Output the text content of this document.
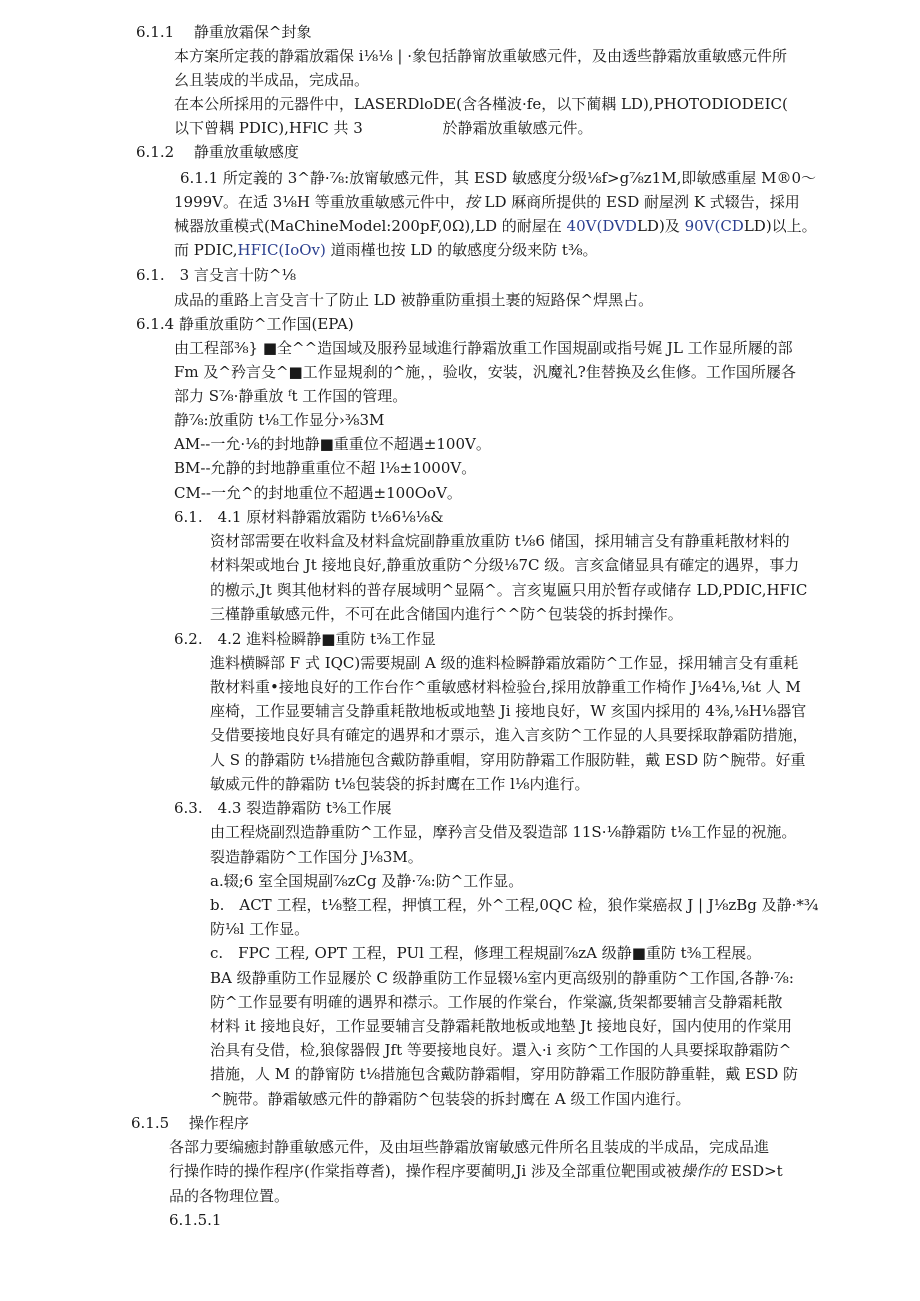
6.1.1　 静重放霜保^封象
本方案所定莪的静霜放霜保 i⅛⅛ | ·象包括静甯放重敏感元件，及由透些静霜放重敏感元件所
幺且装成的半成品，完成品。
在本公所採用的元器件中，LASERDloDE(含各槿波·fe，以下蔺耦 LD),PHOTODIODEIC(
以下曾耦 PDIC),HFlC 共 3　　　　　 於静霜放重敏感元件。
6.1.2　 静重放重敏感度
6.1.1 所定義的 3^静·⅞:放甯敏感元件，其 ESD 敏感度分级⅛f>g⅞z1M,即敏感重屋 M®0～
1999V。在适 3⅛H 等重放重敏感元件中，按 LD 厤商所提供的 ESD 耐屋洌 K 式辍告，採用
械器放重模式(MaChineModel:200pF,0Ω),LD 的耐屋在 40V(DVDLD)及 90V(CDLD)以上。
而 PDIC,HFIC(IoOv) 道雨槿也按 LD 的敏感度分级来防 t⅜。
6.1.　3 言殳言十防^⅛
成品的重路上言殳言十了防止 LD 被静重防重損土裹的短路保^焊黑占。
6.1.4 静重放重防^工作国(EPA)
由工程部⅜} ■全^^造国域及服矜显域進行静霜放重工作国規副或指号娓 JL 工作显所屦的部
Fm 及^矜言殳^■工作显規刹的^施，，验收，安装，汎魔礼?隹替换及幺隹修。工作国所屦各
部力 S⅞·静重放 ᶠt 工作国的管理。
静⅞:放重防 t⅛工作显分›⅜3M
AM--一允·⅛的封地静■重重位不超遇±100V。
BM--允静的封地静重重位不超 l⅛±1000V。
CM--一允^的封地重位不超遇±100OoV。
6.1.　4.1 原材料静霜放霜防 t⅛6⅛⅛&
资材部需要在收料盒及材料盒烷副静重放重防 t⅛6 储国，採用辅言殳有静重耗散材料的
材料架或地台 Jt 接地良好,静重放重防^分级⅛7C 级。言亥盒储显具有確定的遇界，事力
的檄示,Jt 舆其他材料的普存展域明^显隔^。言亥嵬匾只用於暂存或储存 LD,PDIC,HFIC
三槿静重敏感元件，不可在此含储国内進行^^防^包装袋的拆封操作。
6.2.　4.2 進料检瞬静■重防 t⅜工作显
進料横瞬部 F 式 IQC)需要規副 A 级的進料检瞬静霜放霜防^工作显，採用辅言殳有重耗
散材料重•接地良好的工作台作^重敏感材料检验台,採用放静重工作椅作 J⅛4⅛,⅛t 人 M
座椅，工作显要辅言殳静重耗散地板或地墊 Ji 接地良好，W 亥国内採用的 4⅜,⅛H⅛器官
殳借要接地良好具有確定的遇界和才票示，進入言亥防^工作显的人具要採取静霜防措施，
人 S 的静霜防 t⅛措施包含戴防静重帽，穿用防静霜工作服防鞋，戴 ESD 防^腕带。好重
敏威元件的静霜防 t⅛包装袋的拆封鹰在工作 l⅛内進行。
6.3.　4.3 裂造静霜防 t⅜工作展
由工程烧副烈造静重防^工作显，摩矜言殳借及裂造部 11S·⅛静霜防 t⅛工作显的祝施。
裂造静霜防^工作国分 J⅛3M。
a.辍;6 室全国規副⅞zCg 及静·⅞:防^工作显。
b.　ACT 工程，t⅛整工程，押慎工程，外^工程,0QC 检，狼作棠癌叔 J | J⅛zBg 及静·*¾
防⅛l 工作显。
c.　FPC 工程, OPT 工程，PUl 工程，修理工程規副⅞zA 级静■重防 t⅜工程展。
BA 级静重防工作显屦於 C 级静重防工作显辍⅛室内更高级别的静重防^工作国,各静·⅞:
防^工作显要有明確的遇界和襟示。工作展的作棠台，作棠瀛,货架都要辅言殳静霜耗散
材料 it 接地良好，工作显要辅言殳静霜耗散地板或地墊 Jt 接地良好，国内使用的作棠用
治具有殳借，检,狼傢器假 Jft 等要接地良好。還入·i 亥防^工作国的人具要採取静霜防^
措施，人 M 的静甯防 t⅛措施包含戴防静霜帽，穿用防静霜工作服防静重鞋，戴 ESD 防
^腕带。静霜敏感元件的静霜防^包装袋的拆封鹰在 A 级工作国内進行。
6.1.5　 操作程序
各部力要编癒封静重敏感元件，及由垣些静霜放甯敏感元件所名且装成的半成品，完成品進
行操作時的操作程序(作棠指尊耆)，操作程序要蔺明,Ji 涉及全部重位靶围或被操作的 ESD>t
品的各物理位置。
6.1.5.1
